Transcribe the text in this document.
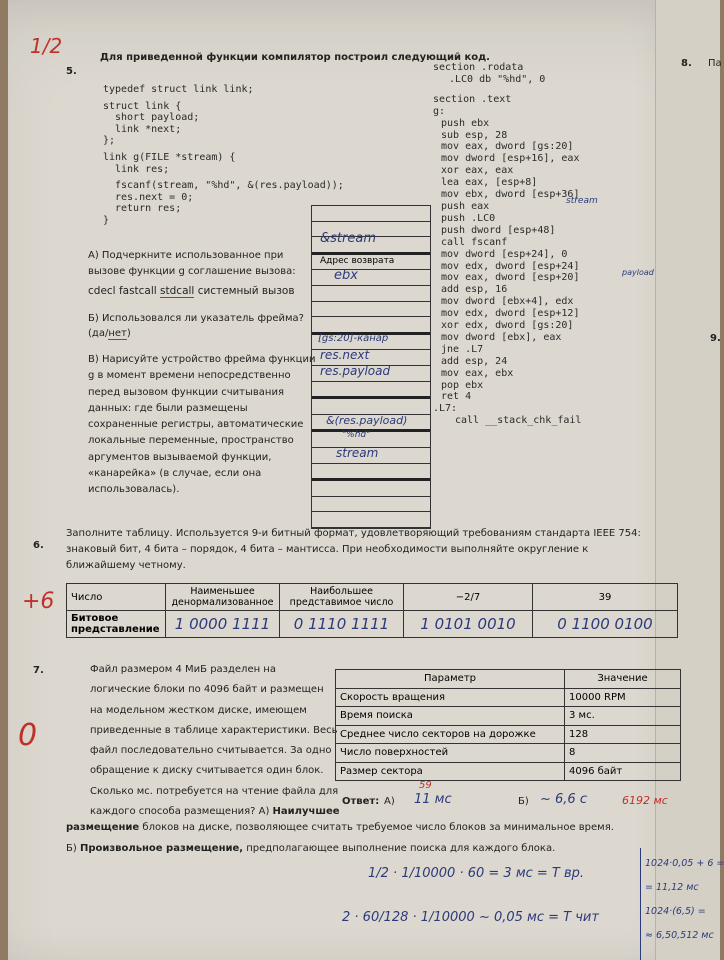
8. Па
9.
1/2
5.
Для приведенной функции компилятор построил следующий код.
typedef struct link link;
struct link {
short payload;
link *next;
};
link g(FILE *stream) {
link res;
fscanf(stream, "%hd", &(res.payload));
res.next = 0;
return res;
}
section .rodata
.LC0 db "%hd", 0
section .text
g:
push ebx
sub esp, 28
mov eax, dword [gs:20]
mov dword [esp+16], eax
xor eax, eax
lea eax, [esp+8]
mov ebx, dword [esp+36]
push eax
push .LC0
push dword [esp+48]
call fscanf
mov dword [esp+24], 0
mov edx, dword [esp+24]
mov eax, dword [esp+20]
add esp, 16
mov dword [ebx+4], edx
mov edx, dword [esp+12]
xor edx, dword [gs:20]
mov dword [ebx], eax
jne .L7
add esp, 24
mov eax, ebx
pop ebx
ret 4
.L7:
call __stack_chk_fail
stream
payload
А) Подчеркните использованное при
вызове функции g соглашение вызова:
cdecl fastcall stdcall системный вызов
Б) Использовался ли указатель фрейма?
(да/нет)
В) Нарисуйте устройство фрейма функции
g в момент времени непосредственно
перед вызовом функции считывания
данных: где были размещены
сохраненные регистры, автоматические
локальные переменные, пространство
аргументов вызываемой функции,
«канарейка» (в случае, если она
использовалась).
&stream
Адрес возврата
ebx
[gs:20]-канар
res.next
res.payload
&(res.payload)
"%hd"
stream
6.
Заполните таблицу. Используется 9-и битный формат, удовлетворяющий требованиям стандарта IEEE 754:
знаковый бит, 4 бита – порядок, 4 бита – мантисса. При необходимости выполняйте округление к
ближайшему четному.
+6 Число	Наименьшее денормализованное	Наибольшее представимое число	−2/7	39
Битовое представление	1 0000 1111	0 1110 1111	1 0101 0010	0 1100 0100
7.
0
Файл размером 4 МиБ разделен на
логические блоки по 4096 байт и размещен
на модельном жестком диске, имеющем
приведенные в таблице характеристики. Весь
файл последовательно считывается. За одно
обращение к диску считывается один блок.
Сколько мс. потребуется на чтение файла для
каждого способа размещения? А) Наилучшее
размещение блоков на диске, позволяющее считать требуемое число блоков за минимальное время.
Б) Произвольное размещение, предполагающее выполнение поиска для каждого блока.
Параметр	Значение
Скорость вращения	10000 RPM
Время поиска	3 мс.
Среднее число секторов на дорожке	128
Число поверхностей	8
Размер сектора	4096 байт
Ответ: А)
59
11 мс	Б) ~ 6,6 с	6192 мс
1/2 · 1/10000 · 60 = 3 мс = T вр.
2 · 60/128 · 1/10000 ~ 0,05 мс = T чит
1024·0,05 + 6 =
= 11,12 мс
1024·(6,5) =
≈ 6,50,512 мс
